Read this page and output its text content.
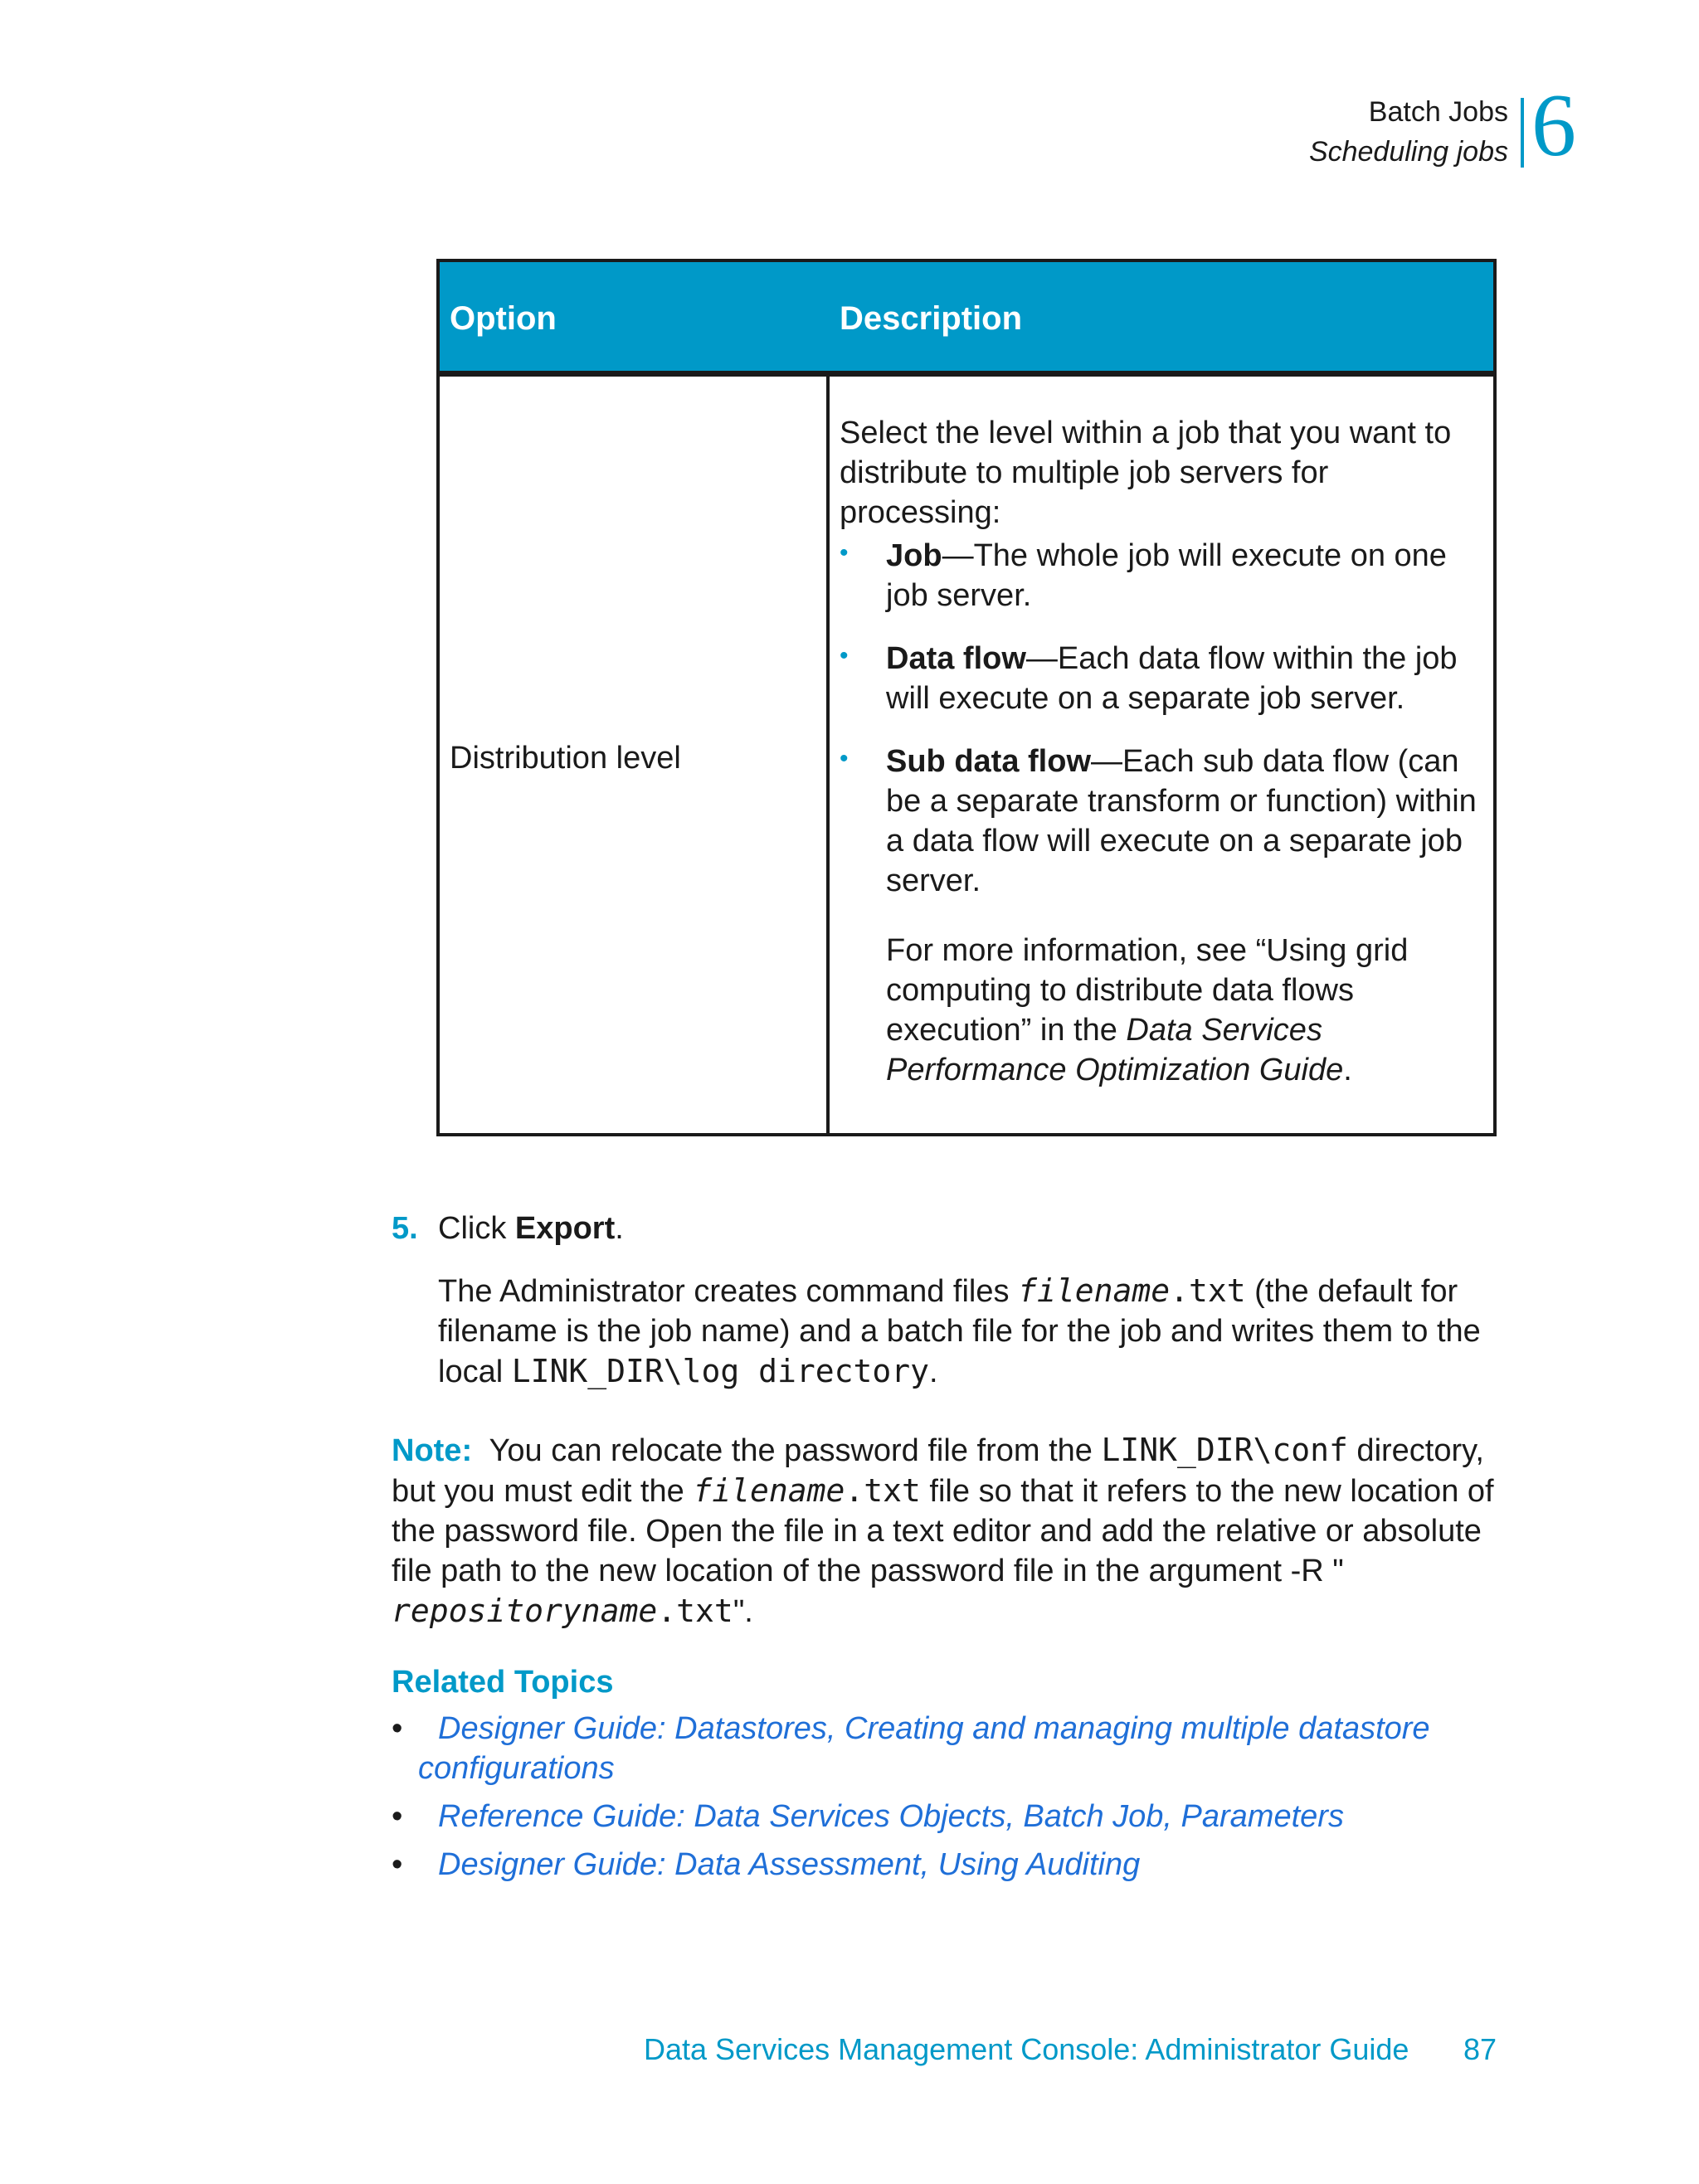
Batch Jobs
Scheduling jobs 6
Option	Description
Distribution level
Select the level within a job that you want to distribute to multiple job servers for processing:
• Job—The whole job will execute on one job server.
• Data flow—Each data flow within the job will execute on a separate job server.
• Sub data flow—Each sub data flow (can be a separate transform or function) within a data flow will execute on a separate job server.
For more information, see “Using grid computing to distribute data flows execution” in the Data Services Performance Optimization Guide.
5. Click Export.
The Administrator creates command files filename.txt (the default for filename is the job name) and a batch file for the job and writes them to the local LINK_DIR\log directory.
Note: You can relocate the password file from the LINK_DIR\conf directory, but you must edit the filename.txt file so that it refers to the new location of the password file. Open the file in a text editor and add the relative or absolute file path to the new location of the password file in the argument -R " repositoryname.txt".
Related Topics
• Designer Guide: Datastores, Creating and managing multiple datastore
configurations
• Reference Guide: Data Services Objects, Batch Job, Parameters
• Designer Guide: Data Assessment, Using Auditing
Data Services Management Console: Administrator Guide 87
